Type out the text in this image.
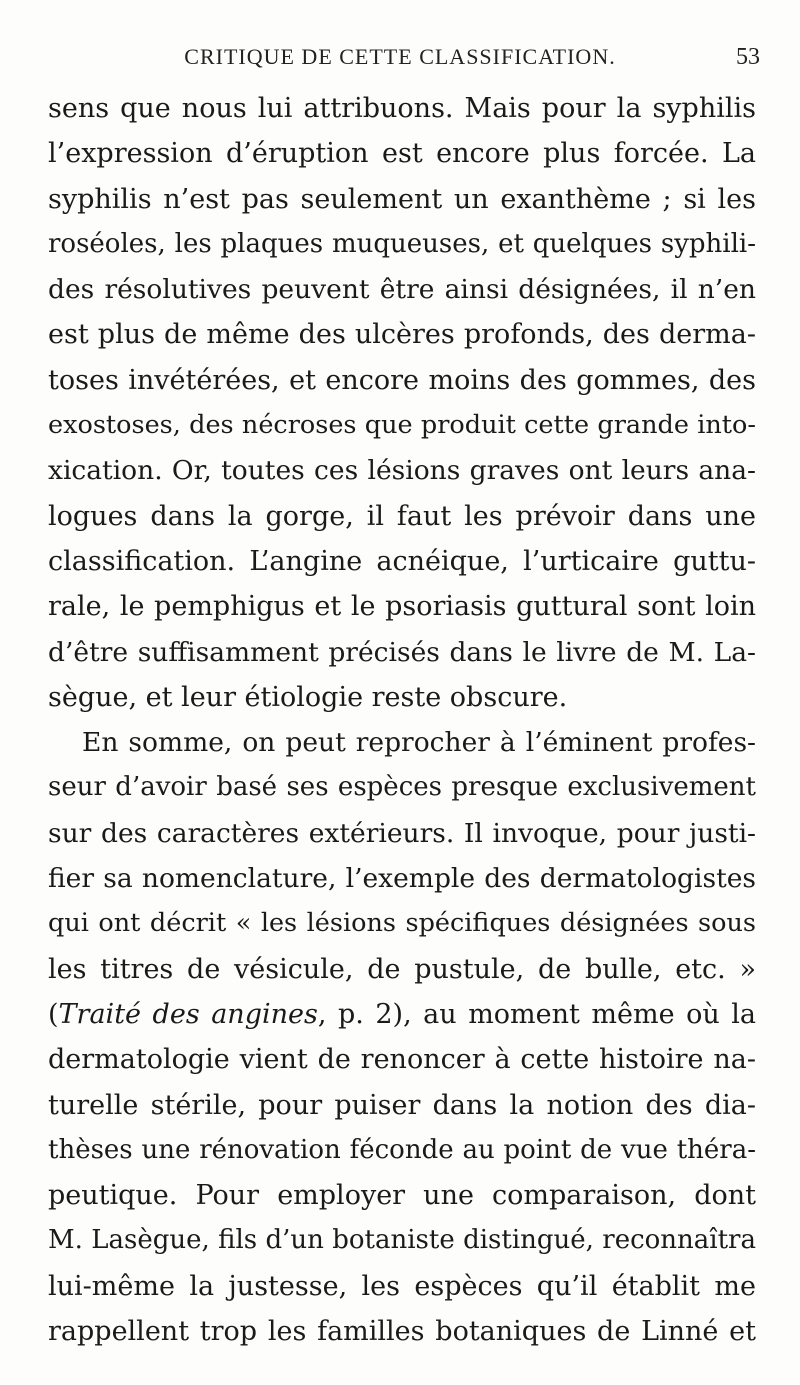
CRITIQUE DE CETTE CLASSIFICATION.	53
sens que nous lui attribuons. Mais pour la syphilis
l’expression d’éruption est encore plus forcée. La
syphilis n’est pas seulement un exanthème ; si les
roséoles, les plaques muqueuses, et quelques syphili-
des résolutives peuvent être ainsi désignées, il n’en
est plus de même des ulcères profonds, des derma-
toses invétérées, et encore moins des gommes, des
exostoses, des nécroses que produit cette grande into-
xication. Or, toutes ces lésions graves ont leurs ana-
logues dans la gorge, il faut les prévoir dans une
classification. L’angine acnéique, l’urticaire guttu-
rale, le pemphigus et le psoriasis guttural sont loin
d’être suffisamment précisés dans le livre de M. La-
sègue, et leur étiologie reste obscure.
En somme, on peut reprocher à l’éminent profes-
seur d’avoir basé ses espèces presque exclusivement
sur des caractères extérieurs. Il invoque, pour justi-
fier sa nomenclature, l’exemple des dermatologistes
qui ont décrit « les lésions spécifiques désignées sous
les titres de vésicule, de pustule, de bulle, etc. »
(Traité des angines, p. 2), au moment même où la
dermatologie vient de renoncer à cette histoire na-
turelle stérile, pour puiser dans la notion des dia-
thèses une rénovation féconde au point de vue théra-
peutique. Pour employer une comparaison, dont
M. Lasègue, fils d’un botaniste distingué, reconnaîtra
lui-même la justesse, les espèces qu’il établit me
rappellent trop les familles botaniques de Linné et
